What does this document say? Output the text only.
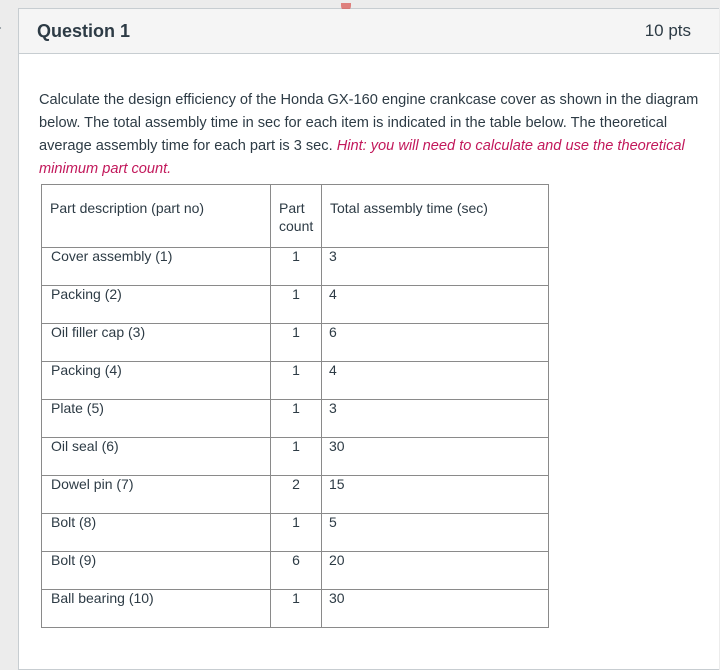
Question 1	10 pts
Calculate the design efficiency of the Honda GX-160 engine crankcase cover as shown in the diagram below. The total assembly time in sec for each item is indicated in the table below. The theoretical average assembly time for each part is 3 sec. Hint: you will need to calculate and use the theoretical minimum part count.
Part description (part no)	Part count	Total assembly time (sec)

Cover assembly (1)	1	3
Packing (2)	1	4
Oil filler cap (3)	1	6
Packing (4)	1	4
Plate (5)	1	3
Oil seal (6)	1	30
Dowel pin (7)	2	15
Bolt (8)	1	5
Bolt (9)	6	20
Ball bearing (10)	1	30
